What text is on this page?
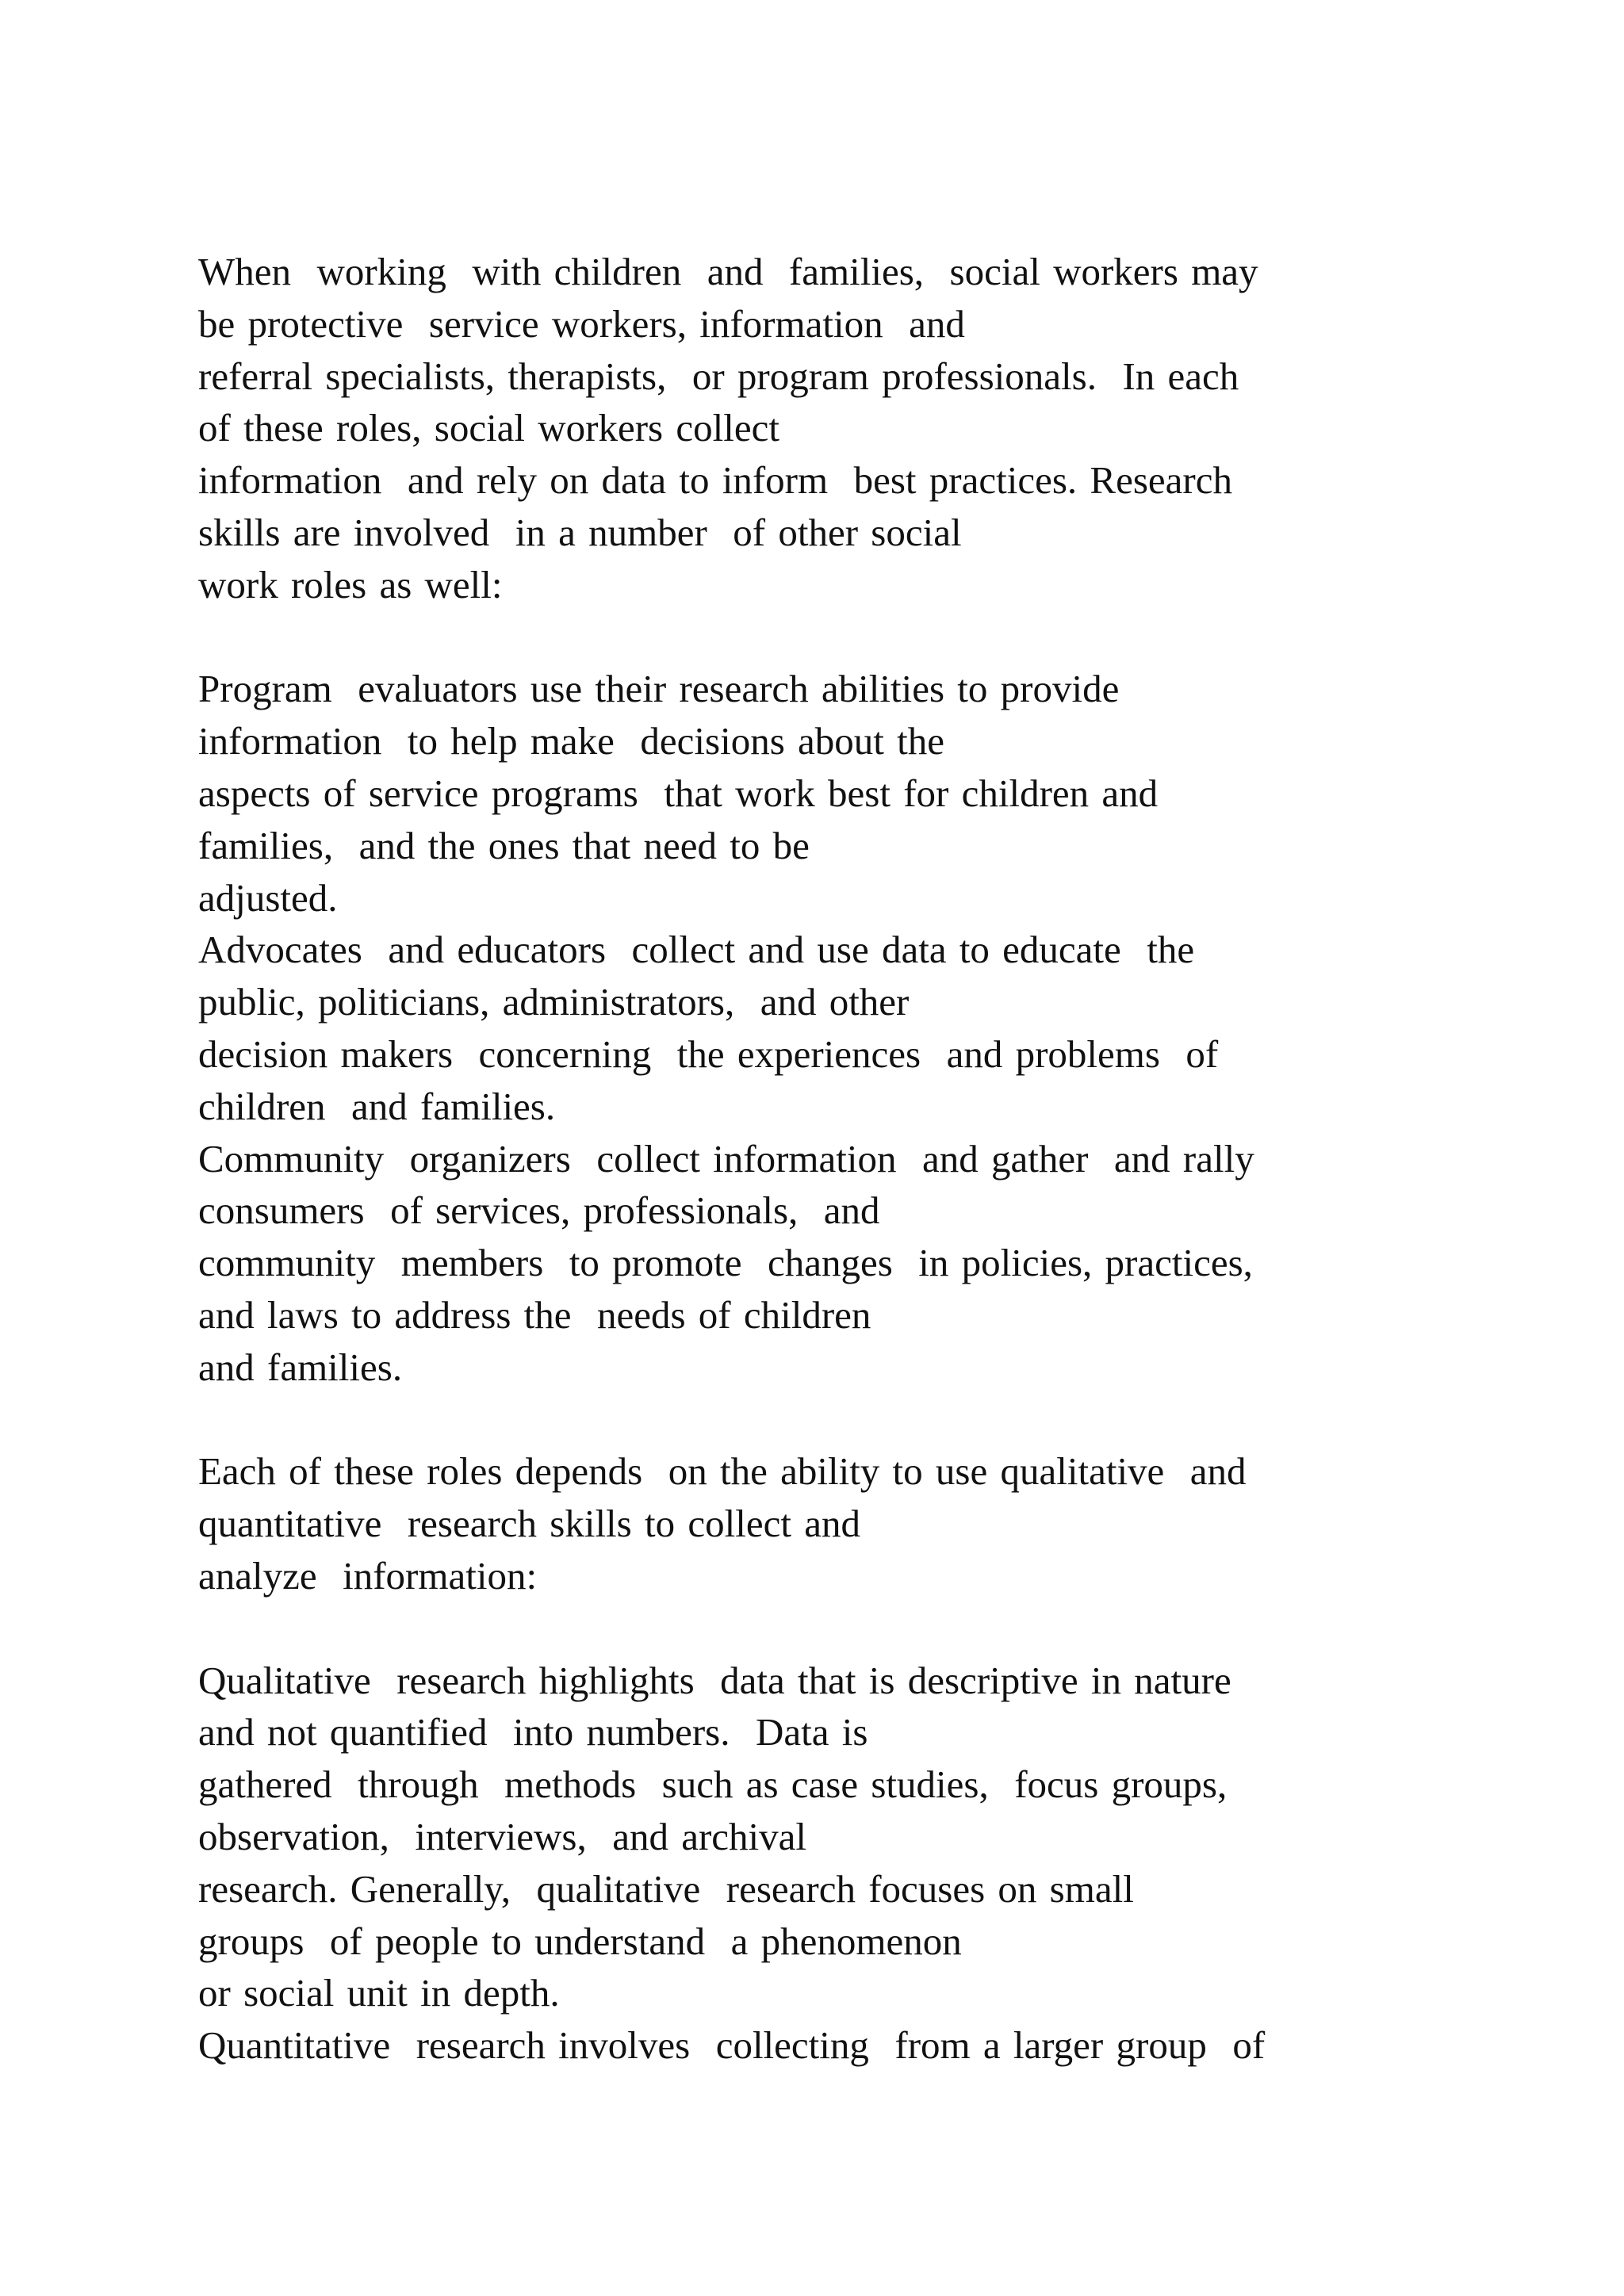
When  working  with children  and  families,  social workers may
be protective  service workers, information  and
referral specialists, therapists,  or program professionals.  In each
of these roles, social workers collect
information  and rely on data to inform  best practices. Research
skills are involved  in a number  of other social
work roles as well:
Program  evaluators use their research abilities to provide
information  to help make  decisions about the
aspects of service programs  that work best for children and
families,  and the ones that need to be
adjusted.
Advocates  and educators  collect and use data to educate  the
public, politicians, administrators,  and other
decision makers  concerning  the experiences  and problems  of
children  and families.
Community  organizers  collect information  and gather  and rally
consumers  of services, professionals,  and
community  members  to promote  changes  in policies, practices,
and laws to address the  needs of children
and families.
Each of these roles depends  on the ability to use qualitative  and
quantitative  research skills to collect and
analyze  information:
Qualitative  research highlights  data that is descriptive in nature
and not quantified  into numbers.  Data is
gathered  through  methods  such as case studies,  focus groups,
observation,  interviews,  and archival
research. Generally,  qualitative  research focuses on small
groups  of people to understand  a phenomenon
or social unit in depth.
Quantitative  research involves  collecting  from a larger group  of
